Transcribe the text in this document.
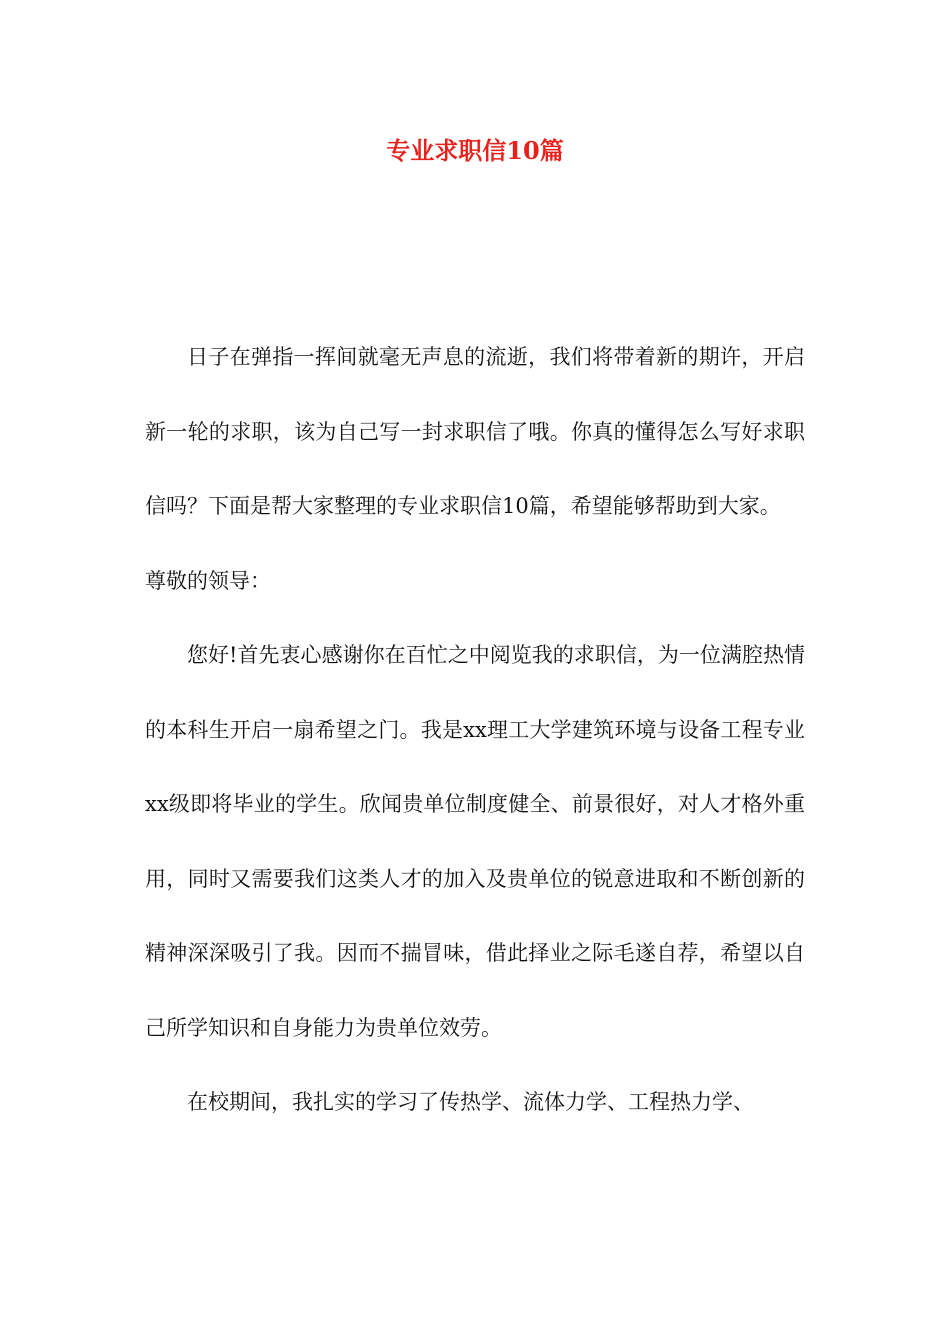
专业求职信10篇

日子在弹指一挥间就毫无声息的流逝，我们将带着新的期许，开启新一轮的求职，该为自己写一封求职信了哦。你真的懂得怎么写好求职信吗？下面是帮大家整理的专业求职信10篇，希望能够帮助到大家。

尊敬的领导：

您好!首先衷心感谢你在百忙之中阅览我的求职信，为一位满腔热情的本科生开启一扇希望之门。我是xx理工大学建筑环境与设备工程专业xx级即将毕业的学生。欣闻贵单位制度健全、前景很好，对人才格外重用，同时又需要我们这类人才的加入及贵单位的锐意进取和不断创新的精神深深吸引了我。因而不揣冒味，借此择业之际毛遂自荐，希望以自己所学知识和自身能力为贵单位效劳。

在校期间，我扎实的学习了传热学、流体力学、工程热力学、
